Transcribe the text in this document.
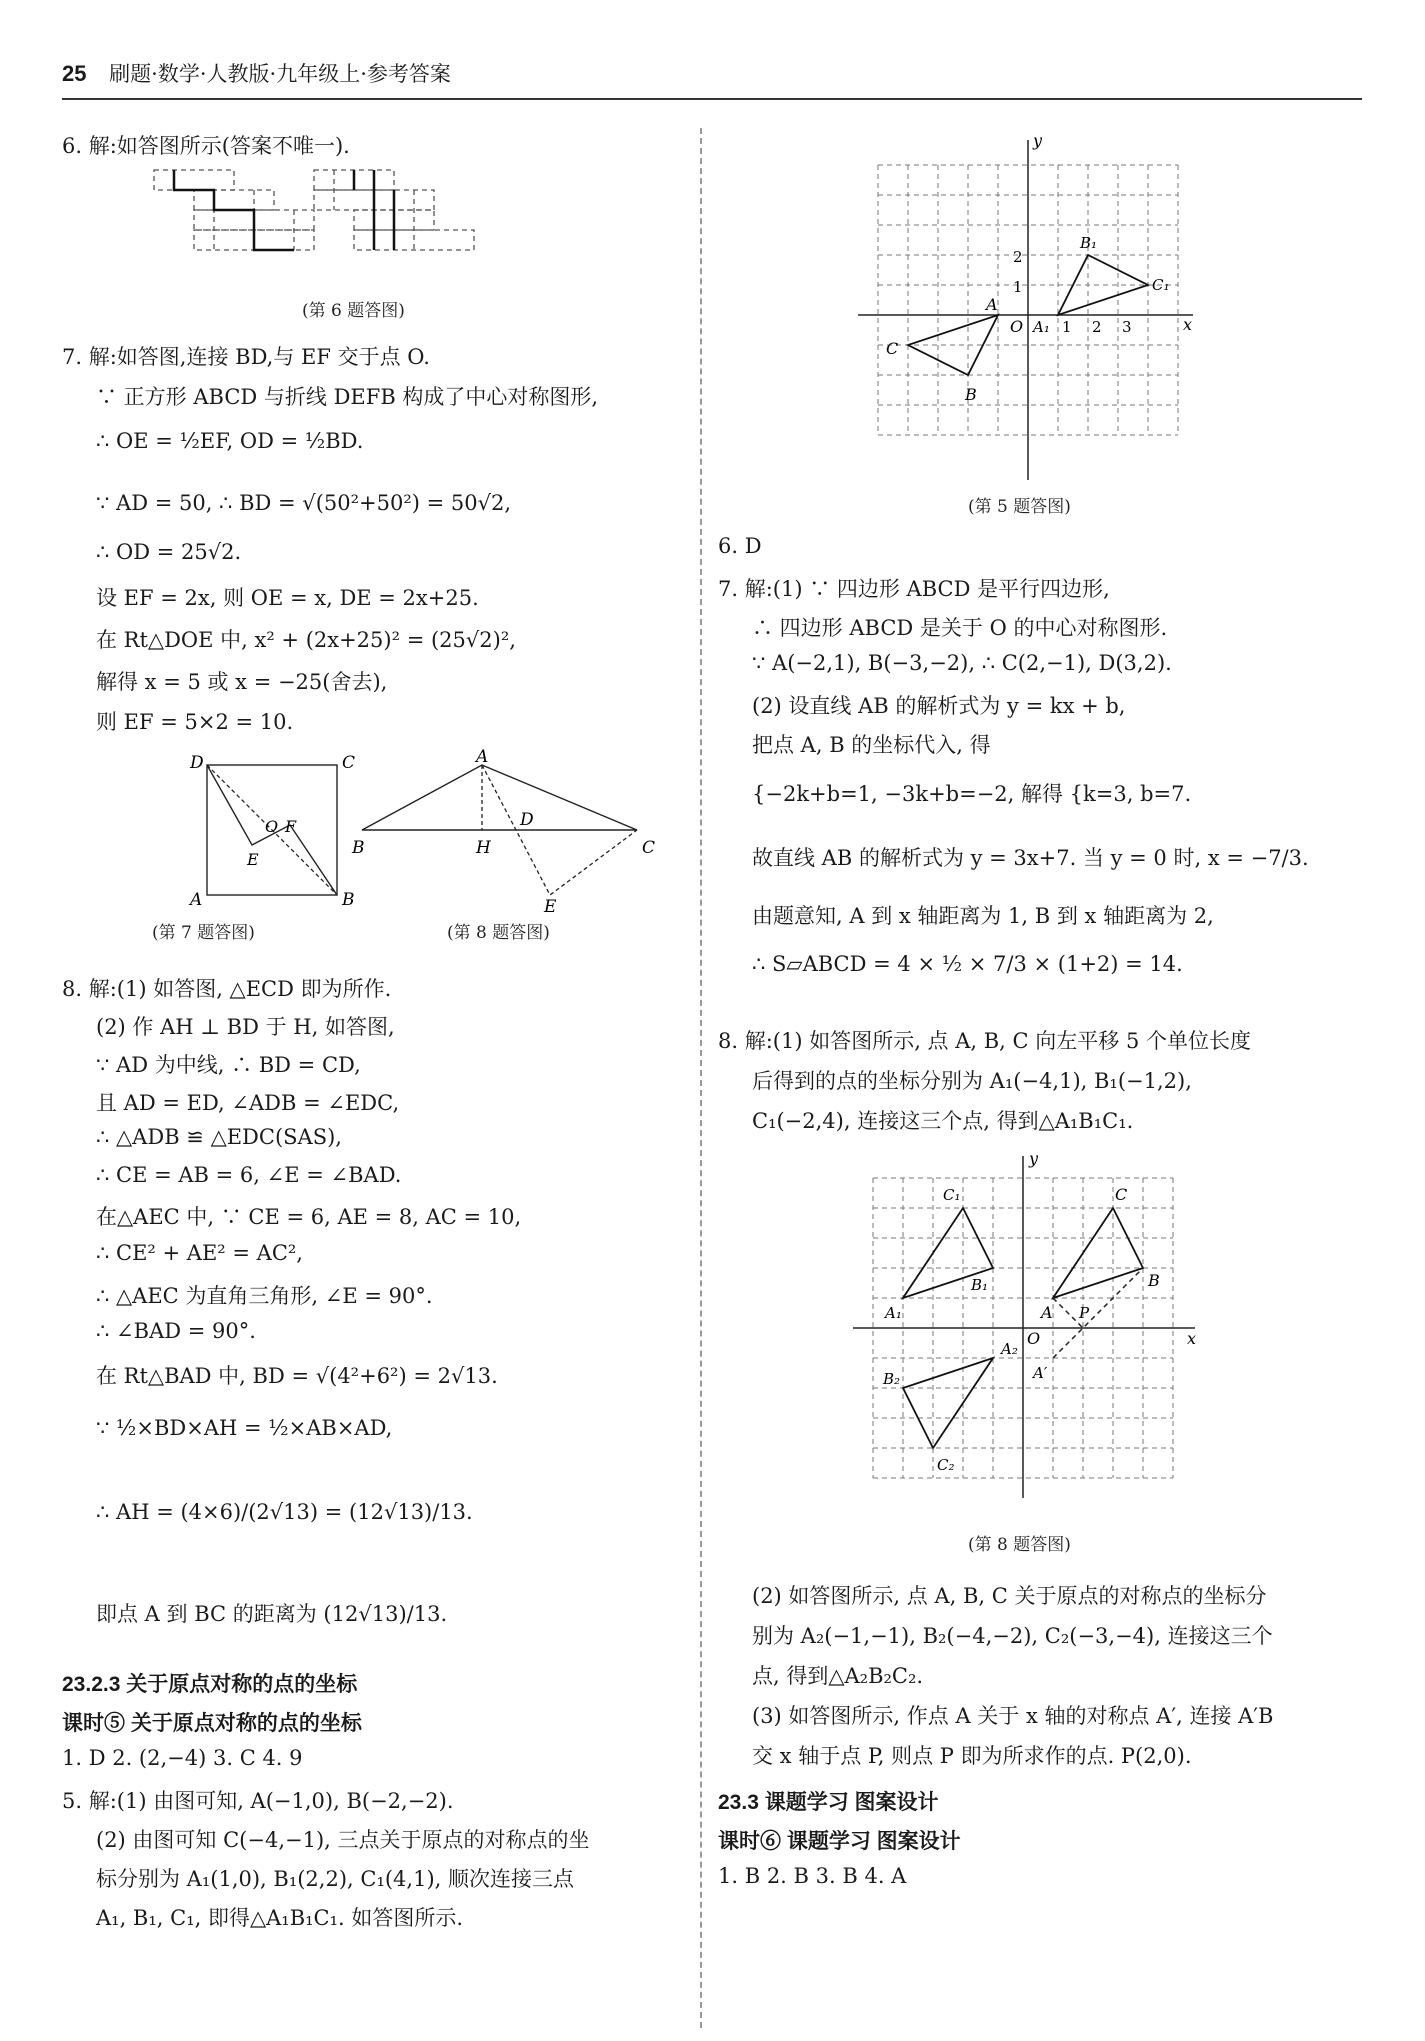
25 刷题·数学·人教版·九年级上·参考答案
6. 解:如答图所示(答案不唯一).
(第 6 题答图)
7. 解:如答图,连接 BD,与 EF 交于点 O.
∵ 正方形 ABCD 与折线 DEFB 构成了中心对称图形,
∴ OE = ½EF, OD = ½BD.
∵ AD = 50, ∴ BD = √(50²+50²) = 50√2,
∴ OD = 25√2.
设 EF = 2x, 则 OE = x, DE = 2x+25.
在 Rt△DOE 中, x² + (2x+25)² = (25√2)²,
解得 x = 5 或 x = −25(舍去),
则 EF = 5×2 = 10.
D	C
A	B
O F
E
A
B	H
D
C
E
(第 7 题答图)	(第 8 题答图)
8. 解:(1) 如答图, △ECD 即为所作.
(2) 作 AH ⊥ BD 于 H, 如答图,
∵ AD 为中线, ∴ BD = CD,
且 AD = ED, ∠ADB = ∠EDC,
∴ △ADB ≌ △EDC(SAS),
∴ CE = AB = 6, ∠E = ∠BAD.
在△AEC 中, ∵ CE = 6, AE = 8, AC = 10,
∴ CE² + AE² = AC²,
∴ △AEC 为直角三角形, ∠E = 90°.
∴ ∠BAD = 90°.
在 Rt△BAD 中, BD = √(4²+6²) = 2√13.
∵ ½×BD×AH = ½×AB×AD,
∴ AH = (4×6)/(2√13) = (12√13)/13.
即点 A 到 BC 的距离为 (12√13)/13.
23.2.3 关于原点对称的点的坐标
课时⑤ 关于原点对称的点的坐标
1. D 2. (2,−4) 3. C 4. 9
5. 解:(1) 由图可知, A(−1,0), B(−2,−2).
(2) 由图可知 C(−4,−1), 三点关于原点的对称点的坐
标分别为 A₁(1,0), B₁(2,2), C₁(4,1), 顺次连接三点
A₁, B₁, C₁, 即得△A₁B₁C₁. 如答图所示.
y
x
O
A
B
C
A₁
B₁
C₁
1 2 3
1
2
(第 5 题答图)
6. D
7. 解:(1) ∵ 四边形 ABCD 是平行四边形,
∴ 四边形 ABCD 是关于 O 的中心对称图形.
∵ A(−2,1), B(−3,−2), ∴ C(2,−1), D(3,2).
(2) 设直线 AB 的解析式为 y = kx + b,
把点 A, B 的坐标代入, 得
{−2k+b=1, −3k+b=−2, 解得 {k=3, b=7.
故直线 AB 的解析式为 y = 3x+7. 当 y = 0 时, x = −7/3.
由题意知, A 到 x 轴距离为 1, B 到 x 轴距离为 2,
∴ S▱ABCD = 4 × ½ × 7/3 × (1+2) = 14.
8. 解:(1) 如答图所示, 点 A, B, C 向左平移 5 个单位长度
后得到的点的坐标分别为 A₁(−4,1), B₁(−1,2),
C₁(−2,4), 连接这三个点, 得到△A₁B₁C₁.
y
x
O
A
B
C
A₁
B₁
C₁
A₂
B₂
C₂
P
A′
(第 8 题答图)
(2) 如答图所示, 点 A, B, C 关于原点的对称点的坐标分
别为 A₂(−1,−1), B₂(−4,−2), C₂(−3,−4), 连接这三个
点, 得到△A₂B₂C₂.
(3) 如答图所示, 作点 A 关于 x 轴的对称点 A′, 连接 A′B
交 x 轴于点 P, 则点 P 即为所求作的点. P(2,0).
23.3 课题学习 图案设计
课时⑥ 课题学习 图案设计
1. B 2. B 3. B 4. A
